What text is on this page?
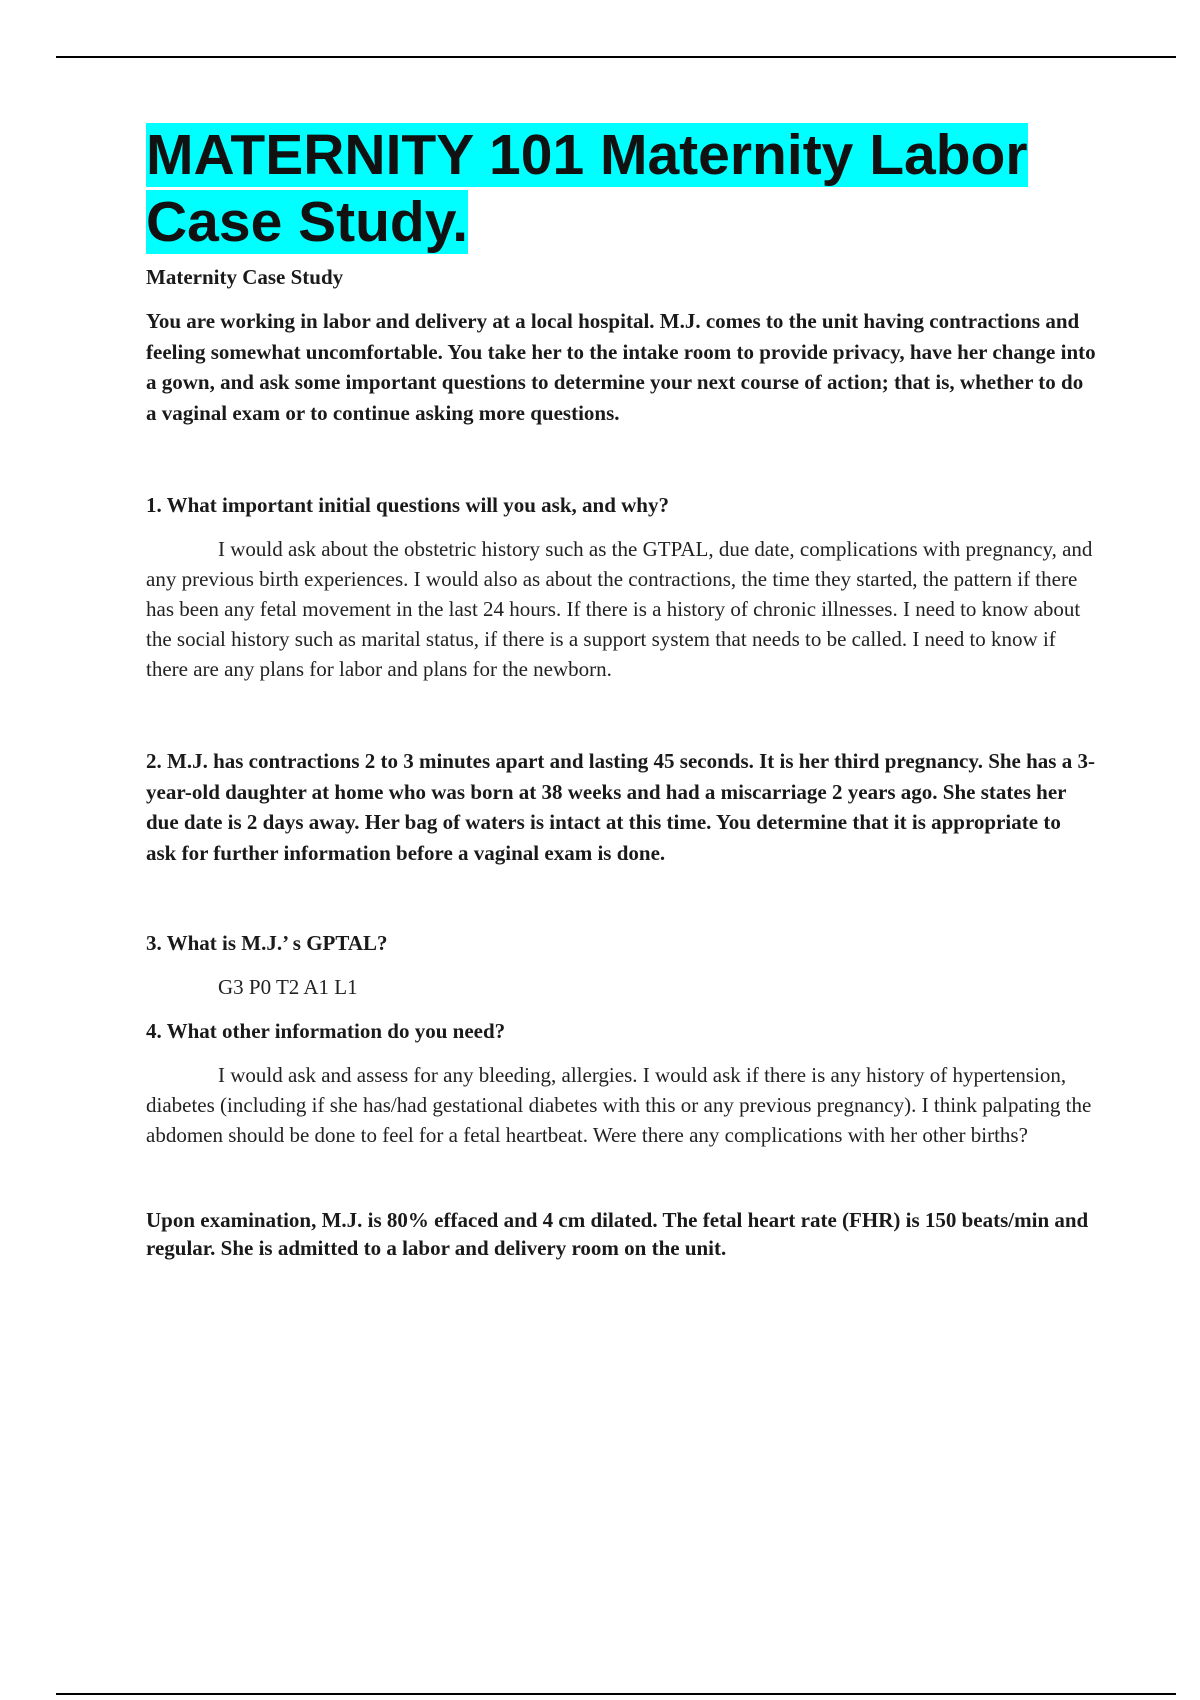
MATERNITY 101 Maternity Labor Case Study.

Maternity Case Study

You are working in labor and delivery at a local hospital. M.J. comes to the unit having contractions and feeling somewhat uncomfortable. You take her to the intake room to provide privacy, have her change into a gown, and ask some important questions to determine your next course of action; that is, whether to do a vaginal exam or to continue asking more questions.

1. What important initial questions will you ask, and why?

I would ask about the obstetric history such as the GTPAL, due date, complications with pregnancy, and any previous birth experiences. I would also as about the contractions, the time they started, the pattern if there has been any fetal movement in the last 24 hours. If there is a history of chronic illnesses. I need to know about the social history such as marital status, if there is a support system that needs to be called. I need to know if there are any plans for labor and plans for the newborn.

2. M.J. has contractions 2 to 3 minutes apart and lasting 45 seconds. It is her third pregnancy. She has a 3-year-old daughter at home who was born at 38 weeks and had a miscarriage 2 years ago. She states her due date is 2 days away. Her bag of waters is intact at this time. You determine that it is appropriate to ask for further information before a vaginal exam is done.

3. What is M.J.’ s GPTAL?

G3 P0 T2 A1 L1

4. What other information do you need?

I would ask and assess for any bleeding, allergies. I would ask if there is any history of hypertension, diabetes (including if she has/had gestational diabetes with this or any previous pregnancy). I think palpating the abdomen should be done to feel for a fetal heartbeat. Were there any complications with her other births?

Upon examination, M.J. is 80% effaced and 4 cm dilated. The fetal heart rate (FHR) is 150 beats/min and regular. She is admitted to a labor and delivery room on the unit.
